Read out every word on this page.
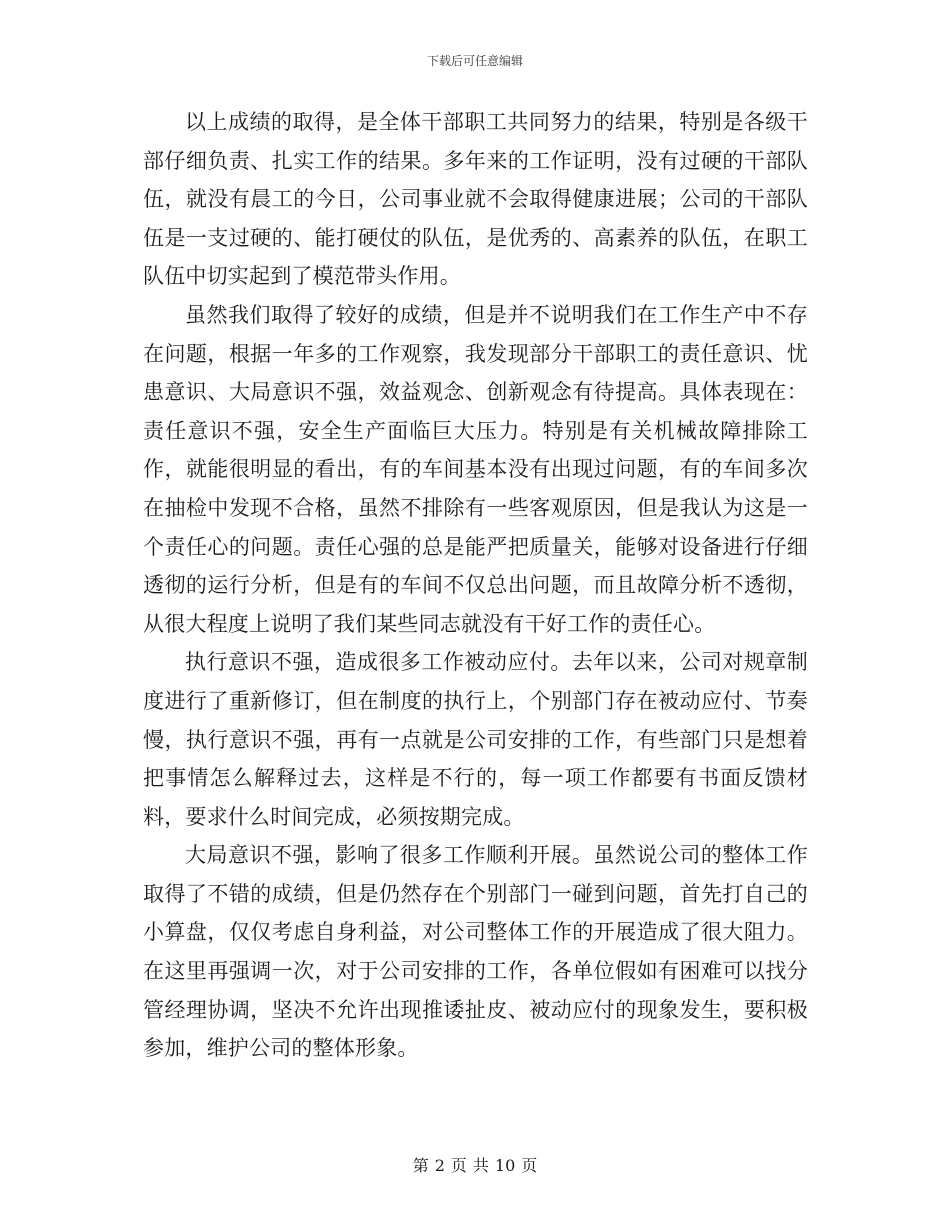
下载后可任意编辑

以上成绩的取得，是全体干部职工共同努力的结果，特别是各级干部仔细负责、扎实工作的结果。多年来的工作证明，没有过硬的干部队伍，就没有晨工的今日，公司事业就不会取得健康进展；公司的干部队伍是一支过硬的、能打硬仗的队伍，是优秀的、高素养的队伍，在职工队伍中切实起到了模范带头作用。

虽然我们取得了较好的成绩，但是并不说明我们在工作生产中不存在问题，根据一年多的工作观察，我发现部分干部职工的责任意识、忧患意识、大局意识不强，效益观念、创新观念有待提高。具体表现在：责任意识不强，安全生产面临巨大压力。特别是有关机械故障排除工作，就能很明显的看出，有的车间基本没有出现过问题，有的车间多次在抽检中发现不合格，虽然不排除有一些客观原因，但是我认为这是一个责任心的问题。责任心强的总是能严把质量关，能够对设备进行仔细透彻的运行分析，但是有的车间不仅总出问题，而且故障分析不透彻，从很大程度上说明了我们某些同志就没有干好工作的责任心。

执行意识不强，造成很多工作被动应付。去年以来，公司对规章制度进行了重新修订，但在制度的执行上，个别部门存在被动应付、节奏慢，执行意识不强，再有一点就是公司安排的工作，有些部门只是想着把事情怎么解释过去，这样是不行的，每一项工作都要有书面反馈材料，要求什么时间完成，必须按期完成。

大局意识不强，影响了很多工作顺利开展。虽然说公司的整体工作取得了不错的成绩，但是仍然存在个别部门一碰到问题，首先打自己的小算盘，仅仅考虑自身利益，对公司整体工作的开展造成了很大阻力。在这里再强调一次，对于公司安排的工作，各单位假如有困难可以找分管经理协调，坚决不允许出现推诿扯皮、被动应付的现象发生，要积极参加，维护公司的整体形象。

第 2 页 共 10 页
